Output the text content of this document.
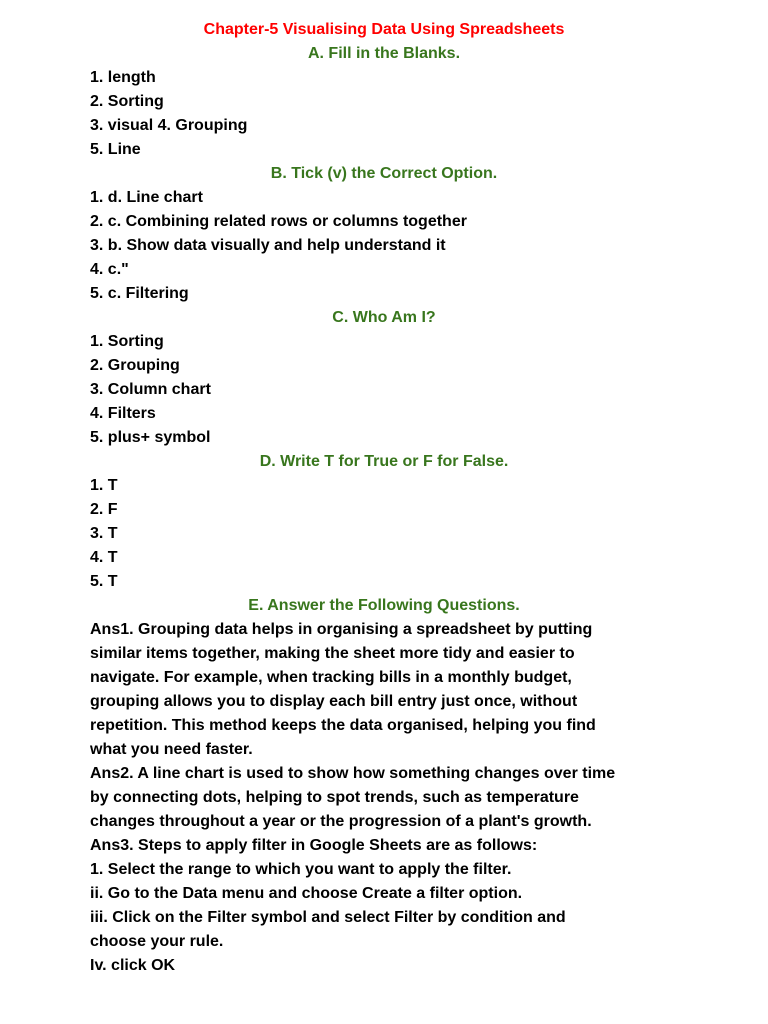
Chapter-5 Visualising Data Using Spreadsheets

A. Fill in the Blanks.

1. length

2. Sorting

3. visual 4. Grouping

5. Line

B. Tick (v) the Correct Option.

1. d. Line chart

2. c. Combining related rows or columns together

3. b. Show data visually and help understand it

4. c."

5. c. Filtering

C. Who Am I?

1. Sorting

2. Grouping

3. Column chart

4. Filters

5. plus+ symbol

D. Write T for True or F for False.

1. T

2. F

3. T

4. T

5. T

E. Answer the Following Questions.

Ans1. Grouping data helps in organising a spreadsheet by putting

similar items together, making the sheet more tidy and easier to

navigate. For example, when tracking bills in a monthly budget,

grouping allows you to display each bill entry just once, without

repetition. This method keeps the data organised, helping you find

what you need faster.

Ans2. A line chart is used to show how something changes over time

by connecting dots, helping to spot trends, such as temperature

changes throughout a year or the progression of a plant's growth.

Ans3. Steps to apply filter in Google Sheets are as follows:

1. Select the range to which you want to apply the filter.

ii. Go to the Data menu and choose Create a filter option.

iii. Click on the Filter symbol and select Filter by condition and

choose your rule.

Iv. click OK
